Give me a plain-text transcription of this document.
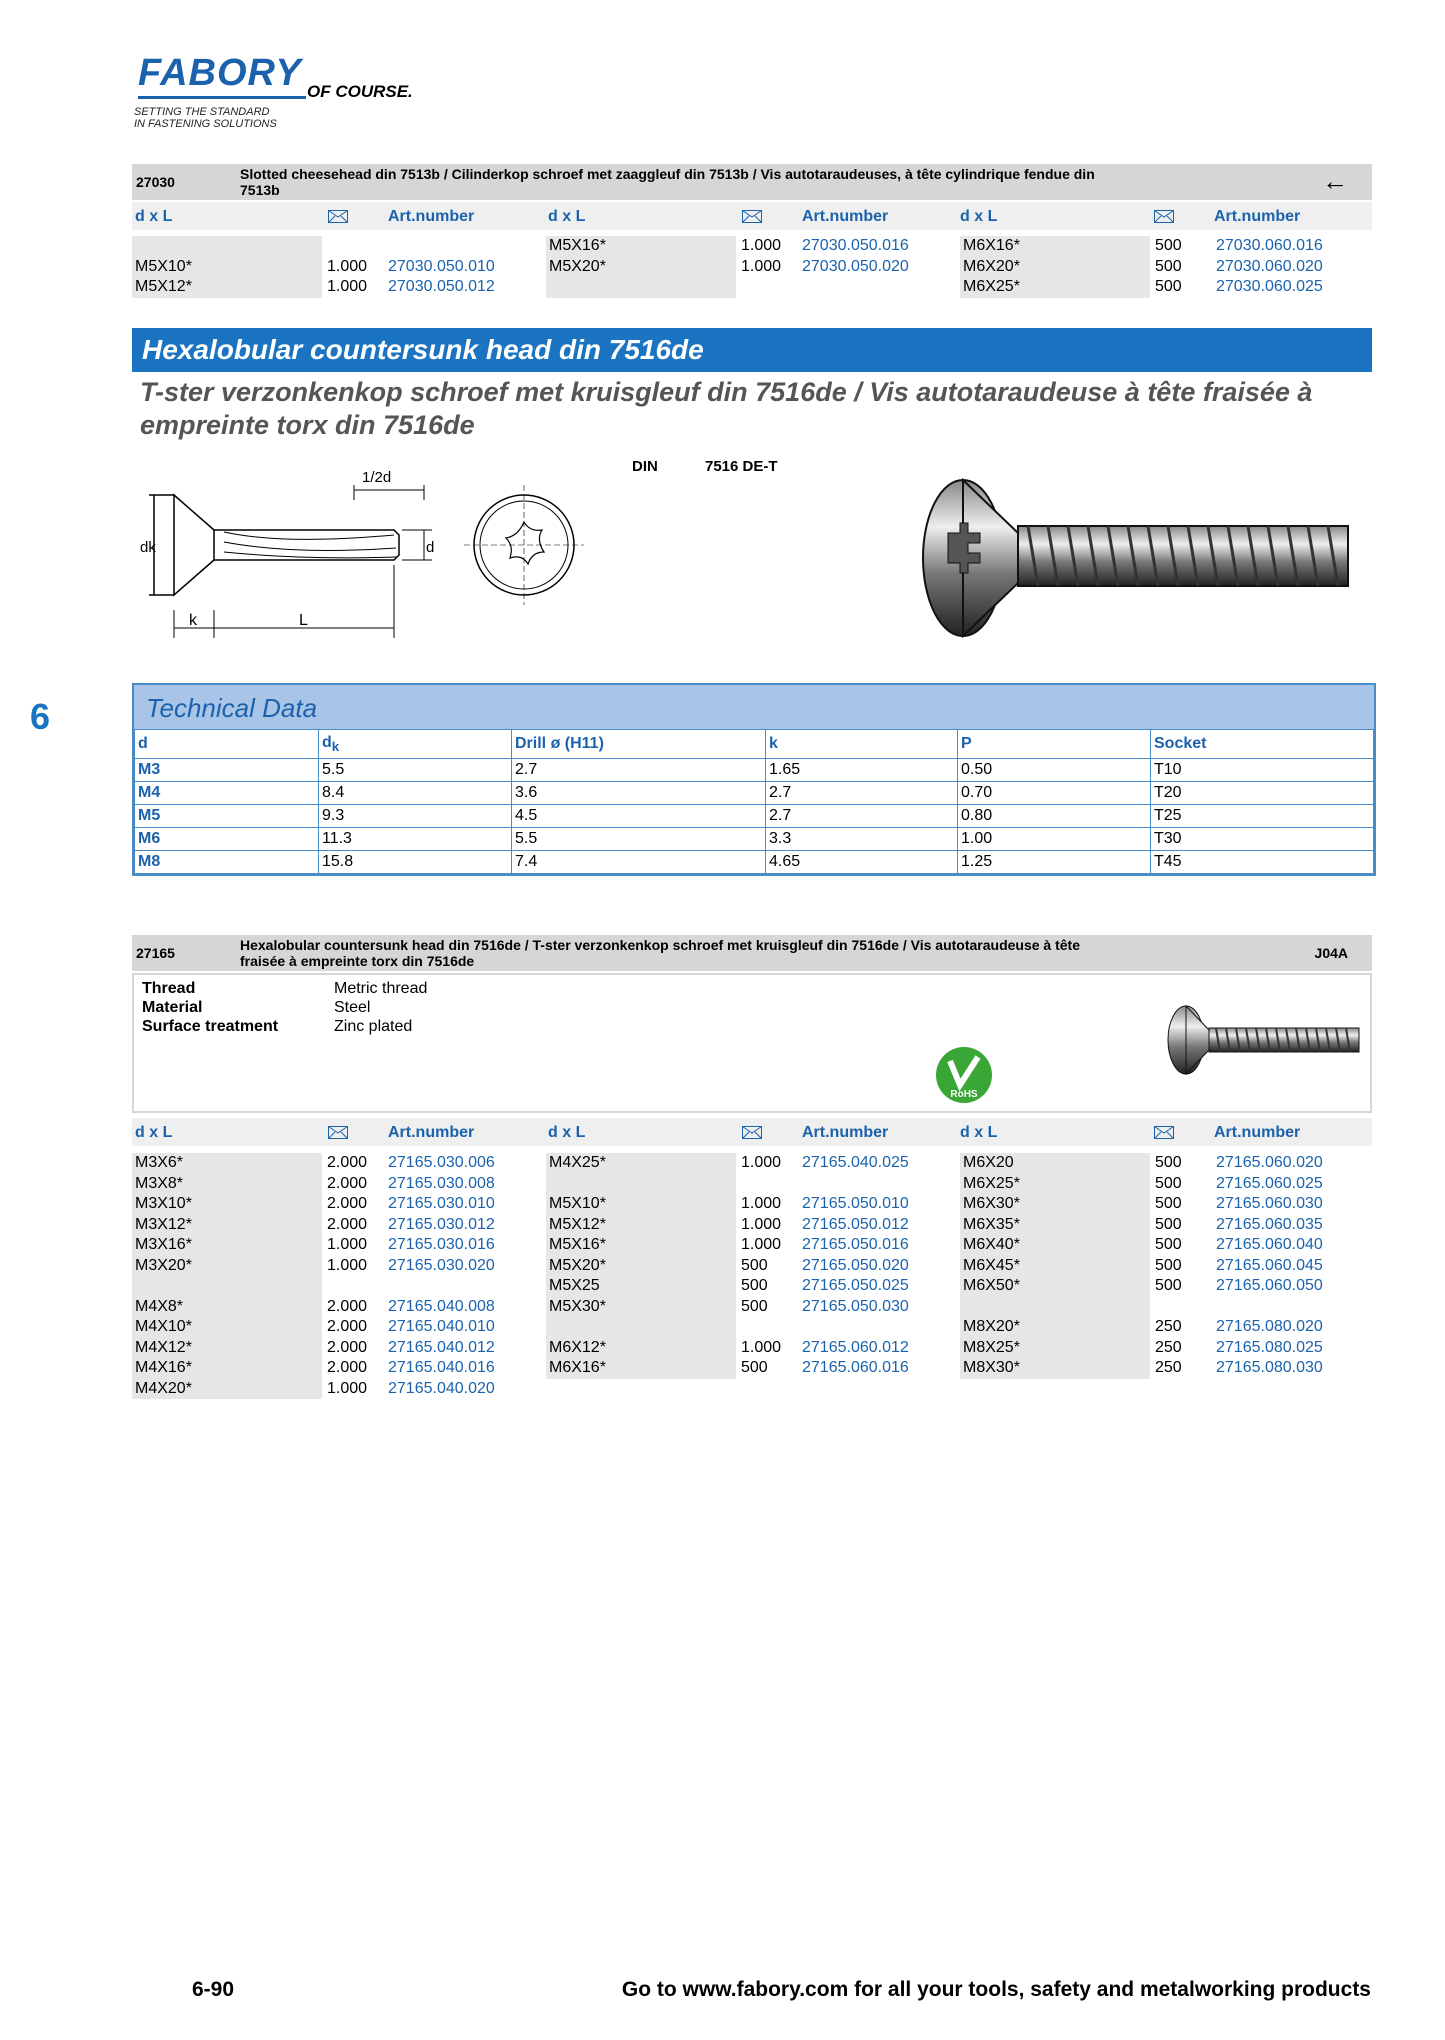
FABORY OF COURSE.
SETTING THE STANDARD
IN FASTENING SOLUTIONS
27030	Slotted cheesehead din 7513b / Cilinderkop schroef met zaaggleuf din 7513b / Vis autotaraudeuses, à tête cylindrique fendue din
7513b	←
d x L	Art.number	d x L	Art.number	d x L	Art.number
M5X10*	1.000 27030.050.010
M5X12*	1.000 27030.050.012
M5X16*	1.000 27030.050.016
M5X20*	1.000 27030.050.020
M6X16*	500 27030.060.016
M6X20*	500 27030.060.020
M6X25*	500 27030.060.025
Hexalobular countersunk head din 7516de
T-ster verzonkenkop schroef met kruisgleuf din 7516de / Vis autotaraudeuse à tête fraisée à empreinte torx din 7516de
DIN	7516 DE-T
1/2d
dk	d
k	L
6	Technical Data
d	$d_k$	Drill ø (H11)	k	P	Socket
M3	5.5	2.7	1.65	0.50	T10
M4	8.4	3.6	2.7	0.70	T20
M5	9.3	4.5	2.7	0.80	T25
M6	11.3	5.5	3.3	1.00	T30
M8	15.8	7.4	4.65	1.25	T45
27165	Hexalobular countersunk head din 7516de / T-ster verzonkenkop schroef met kruisgleuf din 7516de / Vis autotaraudeuse à tête
fraisée à empreinte torx din 7516de	J04A
Thread
Material
Surface treatment
Metric thread
Steel
Zinc plated
RoHS
d x L	Art.number	d x L	Art.number	d x L	Art.number
M3X6*	2.000 27165.030.006
M3X8*	2.000 27165.030.008
M3X10*	2.000 27165.030.010
M3X12*	2.000 27165.030.012
M3X16*	1.000 27165.030.016
M3X20*	1.000 27165.030.020
M4X8*	2.000 27165.040.008
M4X10*	2.000 27165.040.010
M4X12*	2.000 27165.040.012
M4X16*	2.000 27165.040.016
M4X20*	1.000 27165.040.020
M4X25*	1.000 27165.040.025
M5X10*	1.000 27165.050.010
M5X12*	1.000 27165.050.012
M5X16*	1.000 27165.050.016
M5X20*	500 27165.050.020
M5X25	500 27165.050.025
M5X30*	500 27165.050.030
M6X12*	1.000 27165.060.012
M6X16*	500 27165.060.016
M6X20	500 27165.060.020
M6X25*	500 27165.060.025
M6X30*	500 27165.060.030
M6X35*	500 27165.060.035
M6X40*	500 27165.060.040
M6X45*	500 27165.060.045
M6X50*	500 27165.060.050
M8X20*	250 27165.080.020
M8X25*	250 27165.080.025
M8X30*	250 27165.080.030
6-90	Go to www.fabory.com for all your tools, safety and metalworking products
